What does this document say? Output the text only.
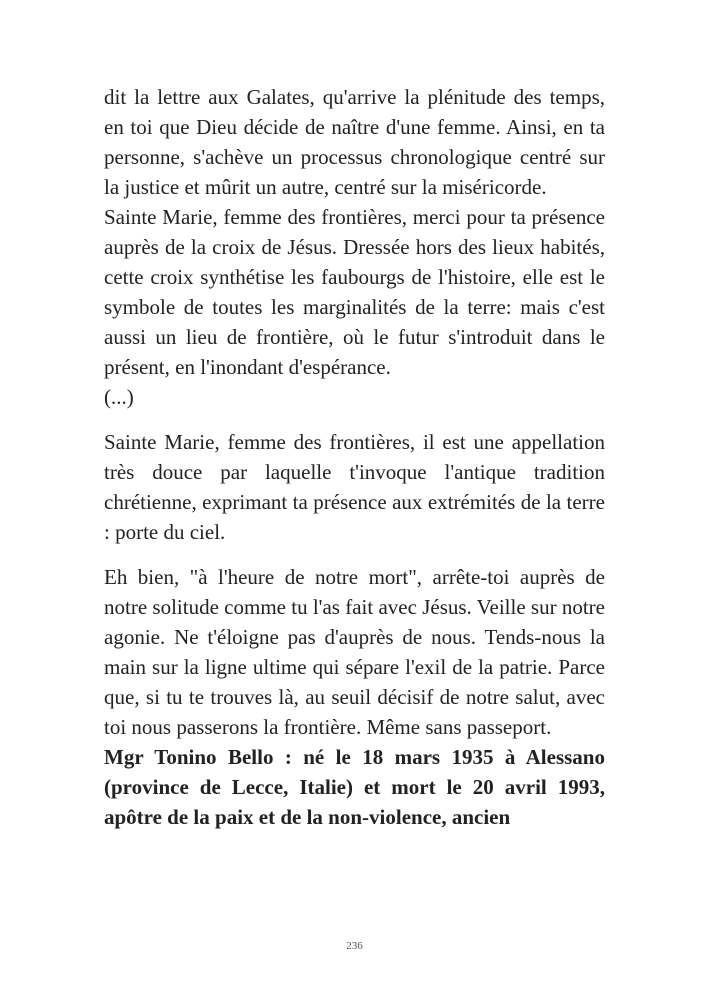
dit la lettre aux Galates, qu'arrive la plénitude des temps, en toi que Dieu décide de naître d'une femme. Ainsi, en ta personne, s'achève un processus chronologique centré sur la justice et mûrit un autre, centré sur la miséricorde.

Sainte Marie, femme des frontières, merci pour ta présence auprès de la croix de Jésus. Dressée hors des lieux habités, cette croix synthétise les faubourgs de l'histoire, elle est le symbole de toutes les marginalités de la terre: mais c'est aussi un lieu de frontière, où le futur s'introduit dans le présent, en l'inondant d'espérance.

(...)

Sainte Marie, femme des frontières, il est une appellation très douce par laquelle t'invoque l'antique tradition chrétienne, exprimant ta présence aux extrémités de la terre : porte du ciel.

Eh bien, "à l'heure de notre mort", arrête-toi auprès de notre solitude comme tu l'as fait avec Jésus. Veille sur notre agonie. Ne t'éloigne pas d'auprès de nous. Tends-nous la main sur la ligne ultime qui sépare l'exil de la patrie. Parce que, si tu te trouves là, au seuil décisif de notre salut, avec toi nous passerons la frontière. Même sans passeport.

Mgr Tonino Bello : né le 18 mars 1935 à Alessano (province de Lecce, Italie) et mort le 20 avril 1993, apôtre de la paix et de la non-violence, ancien

236
